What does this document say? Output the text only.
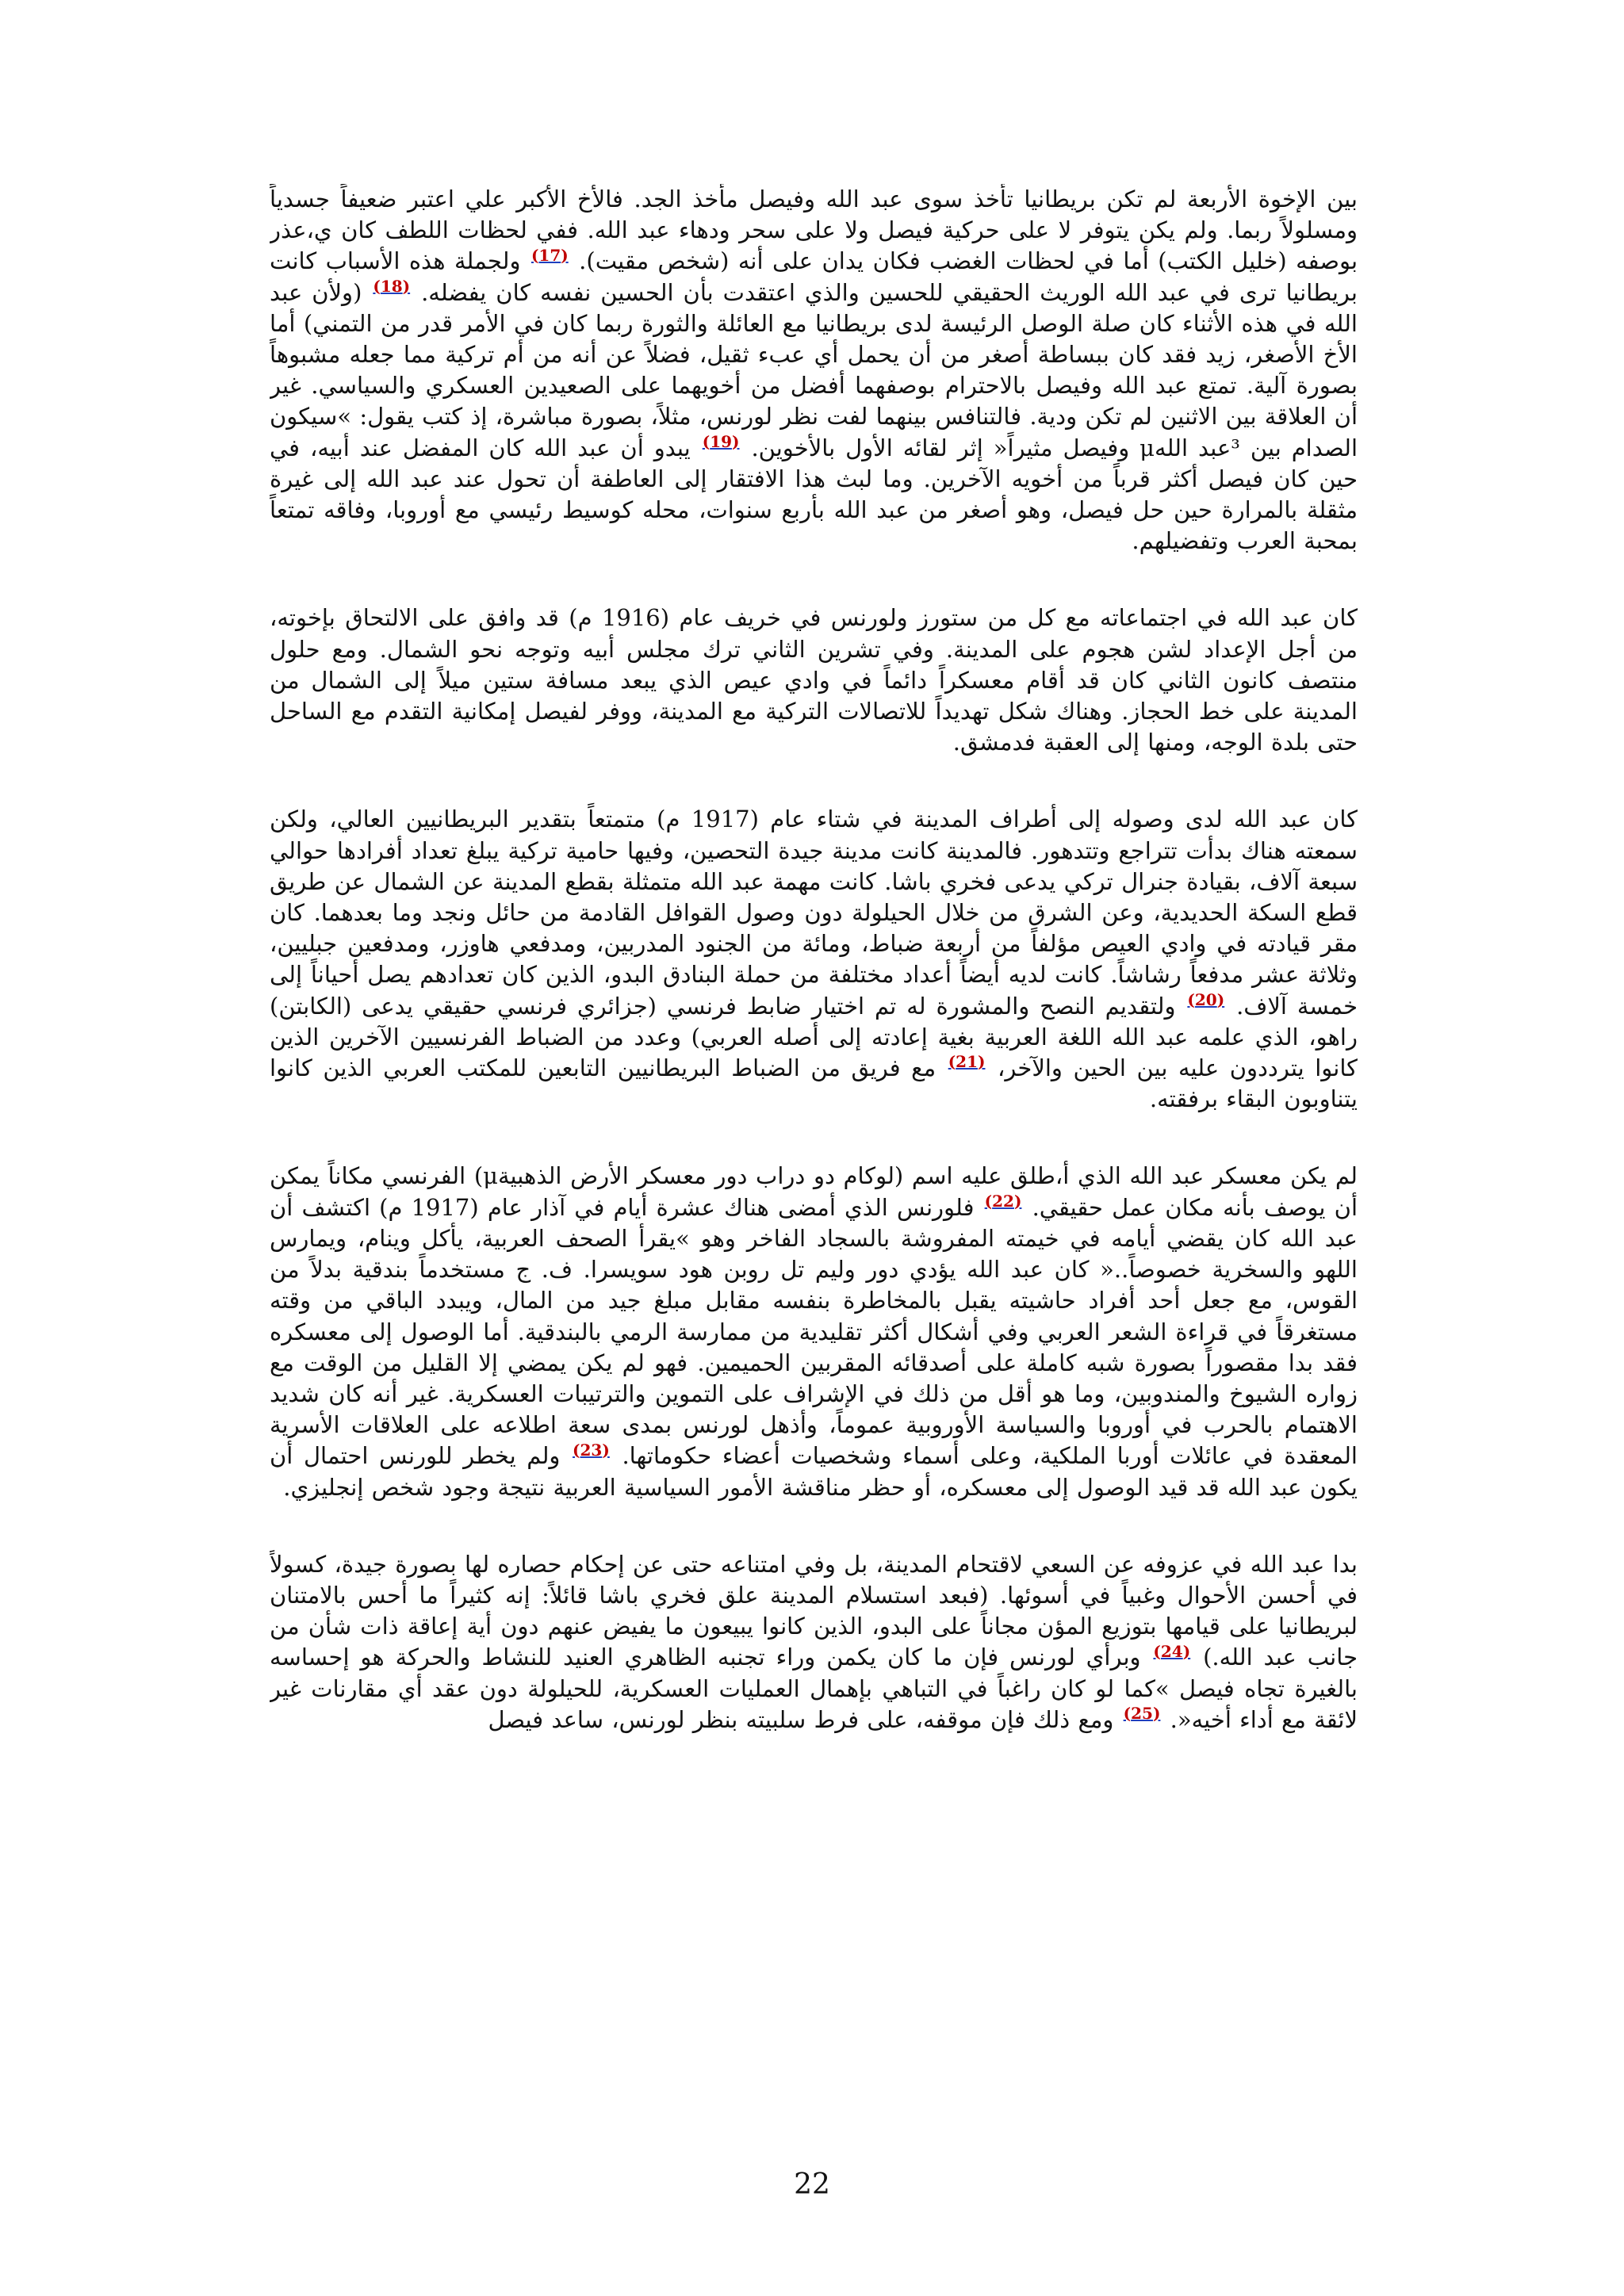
بين الإخوة الأربعة لم تكن بريطانيا تأخذ سوى عبد الله وفيصل مأخذ الجد. فالأخ الأكبر علي اعتبر ضعيفاً جسدياً ومسلولاً ربما. ولم يكن يتوفر لا على حركية فيصل ولا على سحر ودهاء عبد الله. ففي لحظات اللطف كان ي،عذر بوصفه (خليل الكتب) أما في لحظات الغضب فكان يدان على أنه (شخص مقيت). $^{(17)}$ ولجملة هذه الأسباب كانت بريطانيا ترى في عبد الله الوريث الحقيقي للحسين والذي اعتقدت بأن الحسين نفسه كان يفضله. $^{(18)}$ (ولأن عبد الله في هذه الأثناء كان صلة الوصل الرئيسة لدى بريطانيا مع العائلة والثورة ربما كان في الأمر قدر من التمني) أما الأخ الأصغر، زيد فقد كان ببساطة أصغر من أن يحمل أي عبء ثقيل، فضلاً عن أنه من أم تركية مما جعله مشبوهاً بصورة آلية. تمتع عبد الله وفيصل بالاحترام بوصفهما أفضل من أخويهما على الصعيدين العسكري والسياسي. غير أن العلاقة بين الاثنين لم تكن ودية. فالتنافس بينهما لفت نظر لورنس، مثلاً، بصورة مباشرة، إذ كتب يقول: »سيكون الصدام بين ³عبد اللهμ وفيصل مثيراً« إثر لقائه الأول بالأخوين. $^{(19)}$ يبدو أن عبد الله كان المفضل عند أبيه، في حين كان فيصل أكثر قرباً من أخويه الآخرين. وما لبث هذا الافتقار إلى العاطفة أن تحول عند عبد الله إلى غيرة مثقلة بالمرارة حين حل فيصل، وهو أصغر من عبد الله بأربع سنوات، محله كوسيط رئيسي مع أوروبا، وفاقه تمتعاً بمحبة العرب وتفضيلهم.

كان عبد الله في اجتماعاته مع كل من ستورز ولورنس في خريف عام (1916 م) قد وافق على الالتحاق بإخوته، من أجل الإعداد لشن هجوم على المدينة. وفي تشرين الثاني ترك مجلس أبيه وتوجه نحو الشمال. ومع حلول منتصف كانون الثاني كان قد أقام معسكراً دائماً في وادي عيص الذي يبعد مسافة ستين ميلاً إلى الشمال من المدينة على خط الحجاز. وهناك شكل تهديداً للاتصالات التركية مع المدينة، ووفر لفيصل إمكانية التقدم مع الساحل حتى بلدة الوجه، ومنها إلى العقبة فدمشق.

كان عبد الله لدى وصوله إلى أطراف المدينة في شتاء عام (1917 م) متمتعاً بتقدير البريطانيين العالي، ولكن سمعته هناك بدأت تتراجع وتتدهور. فالمدينة كانت مدينة جيدة التحصين، وفيها حامية تركية يبلغ تعداد أفرادها حوالي سبعة آلاف، بقيادة جنرال تركي يدعى فخري باشا. كانت مهمة عبد الله متمثلة بقطع المدينة عن الشمال عن طريق قطع السكة الحديدية، وعن الشرق من خلال الحيلولة دون وصول القوافل القادمة من حائل ونجد وما بعدهما. كان مقر قيادته في وادي العيص مؤلفاً من أربعة ضباط، ومائة من الجنود المدربين، ومدفعي هاوزر، ومدفعين جبليين، وثلاثة عشر مدفعاً رشاشاً. كانت لديه أيضاً أعداد مختلفة من حملة البنادق البدو، الذين كان تعدادهم يصل أحياناً إلى خمسة آلاف. $^{(20)}$ ولتقديم النصح والمشورة له تم اختيار ضابط فرنسي (جزائري فرنسي حقيقي يدعى (الكابتن) راهو، الذي علمه عبد الله اللغة العربية بغية إعادته إلى أصله العربي) وعدد من الضباط الفرنسيين الآخرين الذين كانوا يترددون عليه بين الحين والآخر، $^{(21)}$ مع فريق من الضباط البريطانيين التابعين للمكتب العربي الذين كانوا يتناوبون البقاء برفقته.

لم يكن معسكر عبد الله الذي أ،طلق عليه اسم (لوكام دو دراب دور معسكر الأرض الذهبيةμ) الفرنسي مكاناً يمكن أن يوصف بأنه مكان عمل حقيقي. $^{(22)}$ فلورنس الذي أمضى هناك عشرة أيام في آذار عام (1917 م) اكتشف أن عبد الله كان يقضي أيامه في خيمته المفروشة بالسجاد الفاخر وهو »يقرأ الصحف العربية، يأكل وينام، ويمارس اللهو والسخرية خصوصاً..« كان عبد الله يؤدي دور وليم تل روبن هود سويسرا. ف. ج مستخدماً بندقية بدلاً من القوس، مع جعل أحد أفراد حاشيته يقبل بالمخاطرة بنفسه مقابل مبلغ جيد من المال، ويبدد الباقي من وقته مستغرقاً في قراءة الشعر العربي وفي أشكال أكثر تقليدية من ممارسة الرمي بالبندقية. أما الوصول إلى معسكره فقد بدا مقصوراً بصورة شبه كاملة على أصدقائه المقربين الحميمين. فهو لم يكن يمضي إلا القليل من الوقت مع زواره الشيوخ والمندوبين، وما هو أقل من ذلك في الإشراف على التموين والترتيبات العسكرية. غير أنه كان شديد الاهتمام بالحرب في أوروبا والسياسة الأوروبية عموماً، وأذهل لورنس بمدى سعة اطلاعه على العلاقات الأسرية المعقدة في عائلات أوربا الملكية، وعلى أسماء وشخصيات أعضاء حكوماتها. $^{(23)}$ ولم يخطر للورنس احتمال أن يكون عبد الله قد قيد الوصول إلى معسكره، أو حظر مناقشة الأمور السياسية العربية نتيجة وجود شخص إنجليزي.

بدا عبد الله في عزوفه عن السعي لاقتحام المدينة، بل وفي امتناعه حتى عن إحكام حصاره لها بصورة جيدة، كسولاً في أحسن الأحوال وغبياً في أسوئها. (فبعد استسلام المدينة علق فخري باشا قائلاً: إنه كثيراً ما أحس بالامتنان لبريطانيا على قيامها بتوزيع المؤن مجاناً على البدو، الذين كانوا يبيعون ما يفيض عنهم دون أية إعاقة ذات شأن من جانب عبد الله.) $^{(24)}$ وبرأي لورنس فإن ما كان يكمن وراء تجنبه الظاهري العنيد للنشاط والحركة هو إحساسه بالغيرة تجاه فيصل »كما لو كان راغباً في التباهي بإهمال العمليات العسكرية، للحيلولة دون عقد أي مقارنات غير لائقة مع أداء أخيه«. $^{(25)}$ ومع ذلك فإن موقفه، على فرط سلبيته بنظر لورنس، ساعد فيصل

22
